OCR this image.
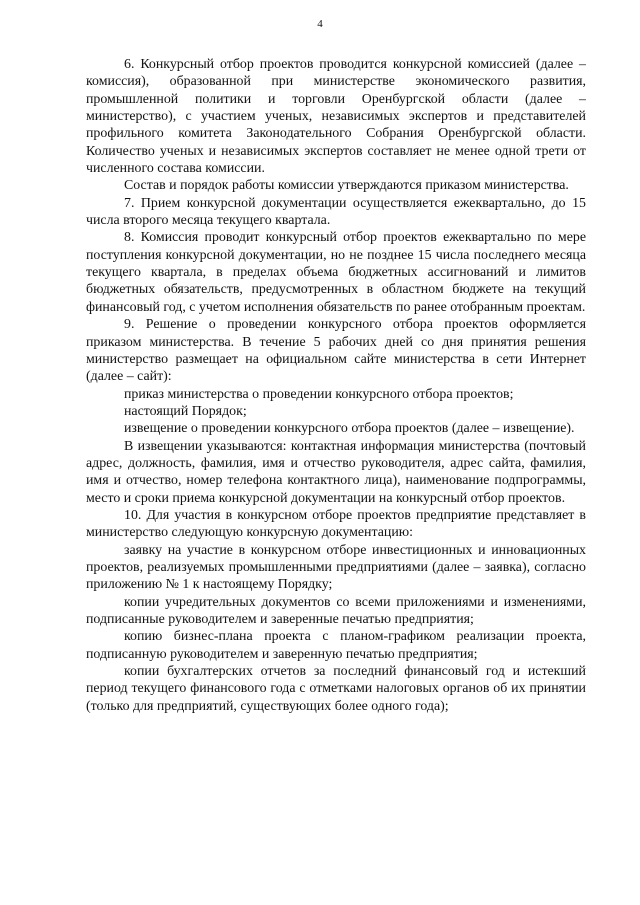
4

6. Конкурсный отбор проектов проводится конкурсной комиссией (далее – комиссия), образованной при министерстве экономического развития, промышленной политики и торговли Оренбургской области (далее – министерство), с участием ученых, независимых экспертов и представителей профильного комитета Законодательного Собрания Оренбургской области. Количество ученых и независимых экспертов составляет не менее одной трети от численного состава комиссии.

Состав и порядок работы комиссии утверждаются приказом министерства.

7. Прием конкурсной документации осуществляется ежеквартально, до 15 числа второго месяца текущего квартала.

8. Комиссия проводит конкурсный отбор проектов ежеквартально по мере поступления конкурсной документации, но не позднее 15 числа последнего месяца текущего квартала, в пределах объема бюджетных ассигнований и лимитов бюджетных обязательств, предусмотренных в областном бюджете на текущий финансовый год, с учетом исполнения обязательств по ранее отобранным проектам.

9. Решение о проведении конкурсного отбора проектов оформляется приказом министерства. В течение 5 рабочих дней со дня принятия решения министерство размещает на официальном сайте министерства в сети Интернет (далее – сайт):

приказ министерства о проведении конкурсного отбора проектов;

настоящий Порядок;

извещение о проведении конкурсного отбора проектов (далее – извещение).

В извещении указываются: контактная информация министерства (почтовый адрес, должность, фамилия, имя и отчество руководителя, адрес сайта, фамилия, имя и отчество, номер телефона контактного лица), наименование подпрограммы, место и сроки приема конкурсной документации на конкурсный отбор проектов.

10. Для участия в конкурсном отборе проектов предприятие представляет в министерство следующую конкурсную документацию:

заявку на участие в конкурсном отборе инвестиционных и инновационных проектов, реализуемых промышленными предприятиями (далее – заявка), согласно приложению № 1 к настоящему Порядку;

копии учредительных документов со всеми приложениями и изменениями, подписанные руководителем и заверенные печатью предприятия;

копию бизнес-плана проекта с планом-графиком реализации проекта, подписанную руководителем и заверенную печатью предприятия;

копии бухгалтерских отчетов за последний финансовый год и истекший период текущего финансового года с отметками налоговых органов об их принятии (только для предприятий, существующих более одного года);
